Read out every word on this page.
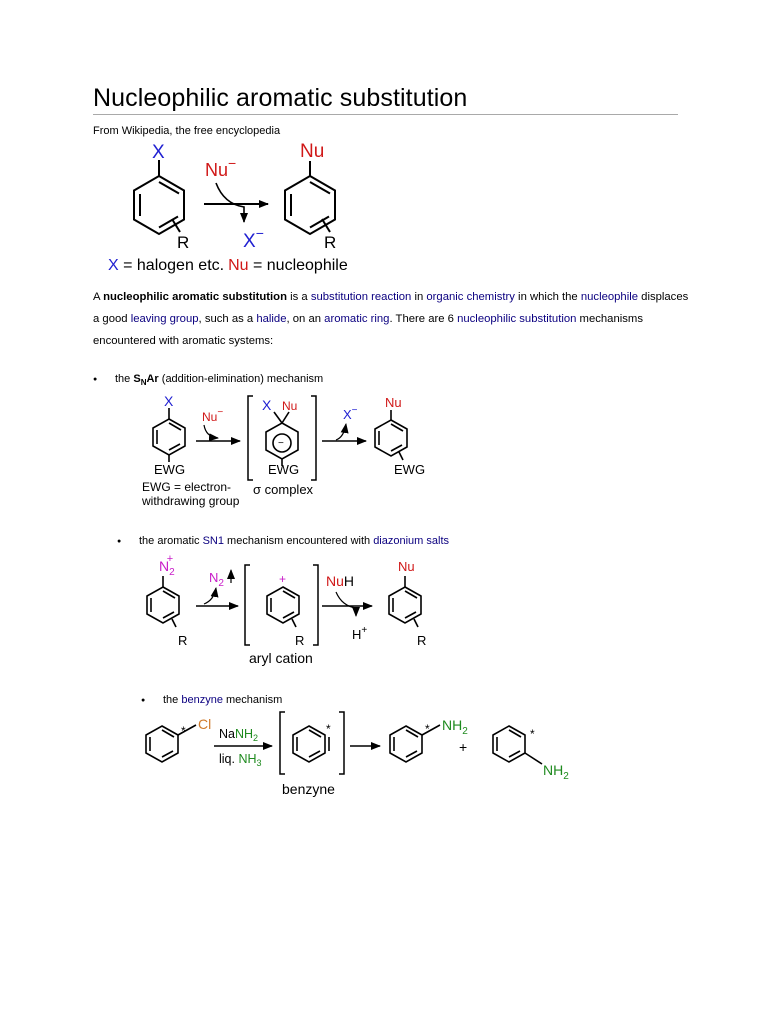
Nucleophilic aromatic substitution
From Wikipedia, the free encyclopedia
X
R
Nu−
X−
Nu
R
X = halogen etc. Nu = nucleophile
X
EWG
Nu−	X Nu
−
EWG
X−
Nu
EWG
EWG = electron-
withdrawing group
σ complex
$N_2+$
R
$N_2$	+
R
aryl cation
NuH
H+
Nu
R
Cl
*	NaNH$_2$
liq. $NH_3$
*
benzyne
* $NH_2$
+
*
$NH_2$
A nucleophilic aromatic substitution is a substitution reaction in organic chemistry in which the nucleophile displaces a good leaving group, such as a halide, on an aromatic ring. There are 6 nucleophilic substitution mechanisms encountered with aromatic systems:
● the $S_NAr$ (addition-elimination) mechanism
● the aromatic SN1 mechanism encountered with diazonium salts
● the benzyne mechanism
